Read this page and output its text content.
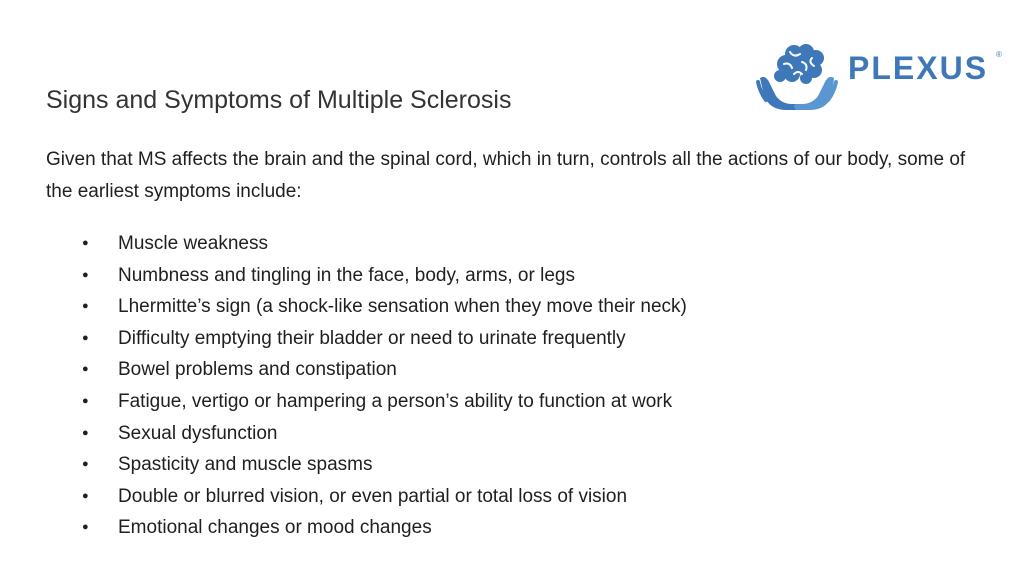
PLEXUS ®
Signs and Symptoms of Multiple Sclerosis

Given that MS affects the brain and the spinal cord, which in turn, controls all the actions of our body, some of the earliest symptoms include:

● Muscle weakness
● Numbness and tingling in the face, body, arms, or legs
● Lhermitte’s sign (a shock-like sensation when they move their neck)
● Difficulty emptying their bladder or need to urinate frequently
● Bowel problems and constipation
● Fatigue, vertigo or hampering a person’s ability to function at work
● Sexual dysfunction
● Spasticity and muscle spasms
● Double or blurred vision, or even partial or total loss of vision
● Emotional changes or mood changes
